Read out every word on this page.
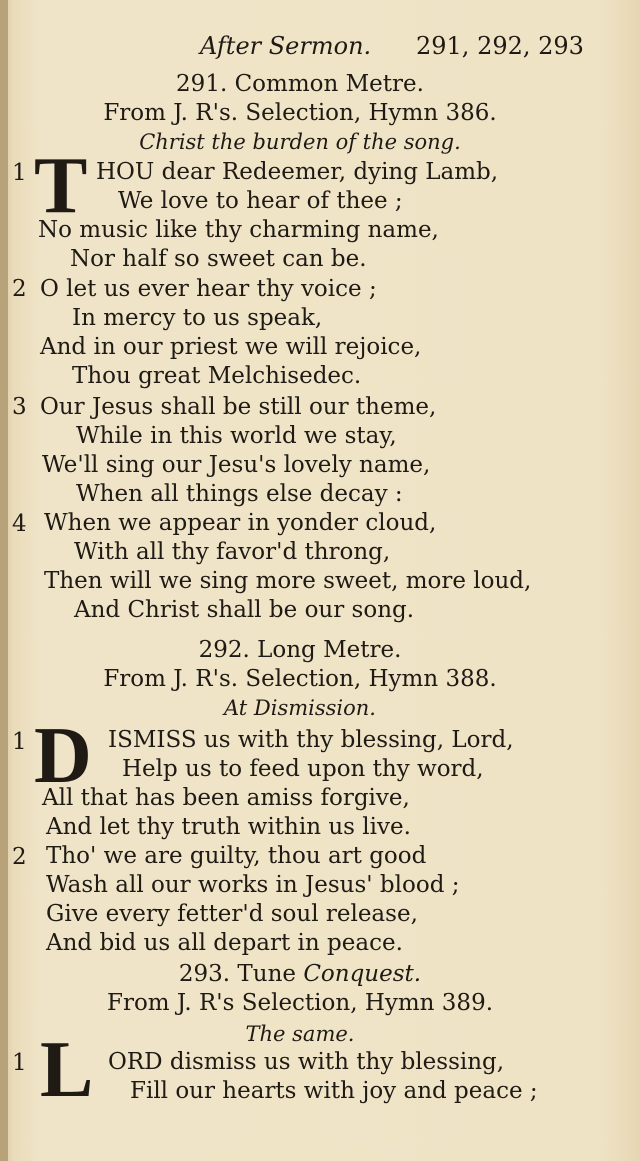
After Sermon. 291, 292, 293
291. Common Metre.
From J. R's. Selection, Hymn 386.
Christ the burden of the song.
1 T HOU dear Redeemer, dying Lamb,
We love to hear of thee ;
No music like thy charming name,
Nor half so sweet can be.
2 O let us ever hear thy voice ;
In mercy to us speak,
And in our priest we will rejoice,
Thou great Melchisedec.
3 Our Jesus shall be still our theme,
While in this world we stay,
We'll sing our Jesu's lovely name,
When all things else decay :
4 When we appear in yonder cloud,
With all thy favor'd throng,
Then will we sing more sweet, more loud,
And Christ shall be our song.
292. Long Metre.
From J. R's. Selection, Hymn 388.
At Dismission.
1 D ISMISS us with thy blessing, Lord,
Help us to feed upon thy word,
All that has been amiss forgive,
And let thy truth within us live.
2 Tho' we are guilty, thou art good
Wash all our works in Jesus' blood ;
Give every fetter'd soul release,
And bid us all depart in peace.
293. Tune Conquest.
From J. R's Selection, Hymn 389.
The same.
1 L ORD dismiss us with thy blessing,
Fill our hearts with joy and peace ;
